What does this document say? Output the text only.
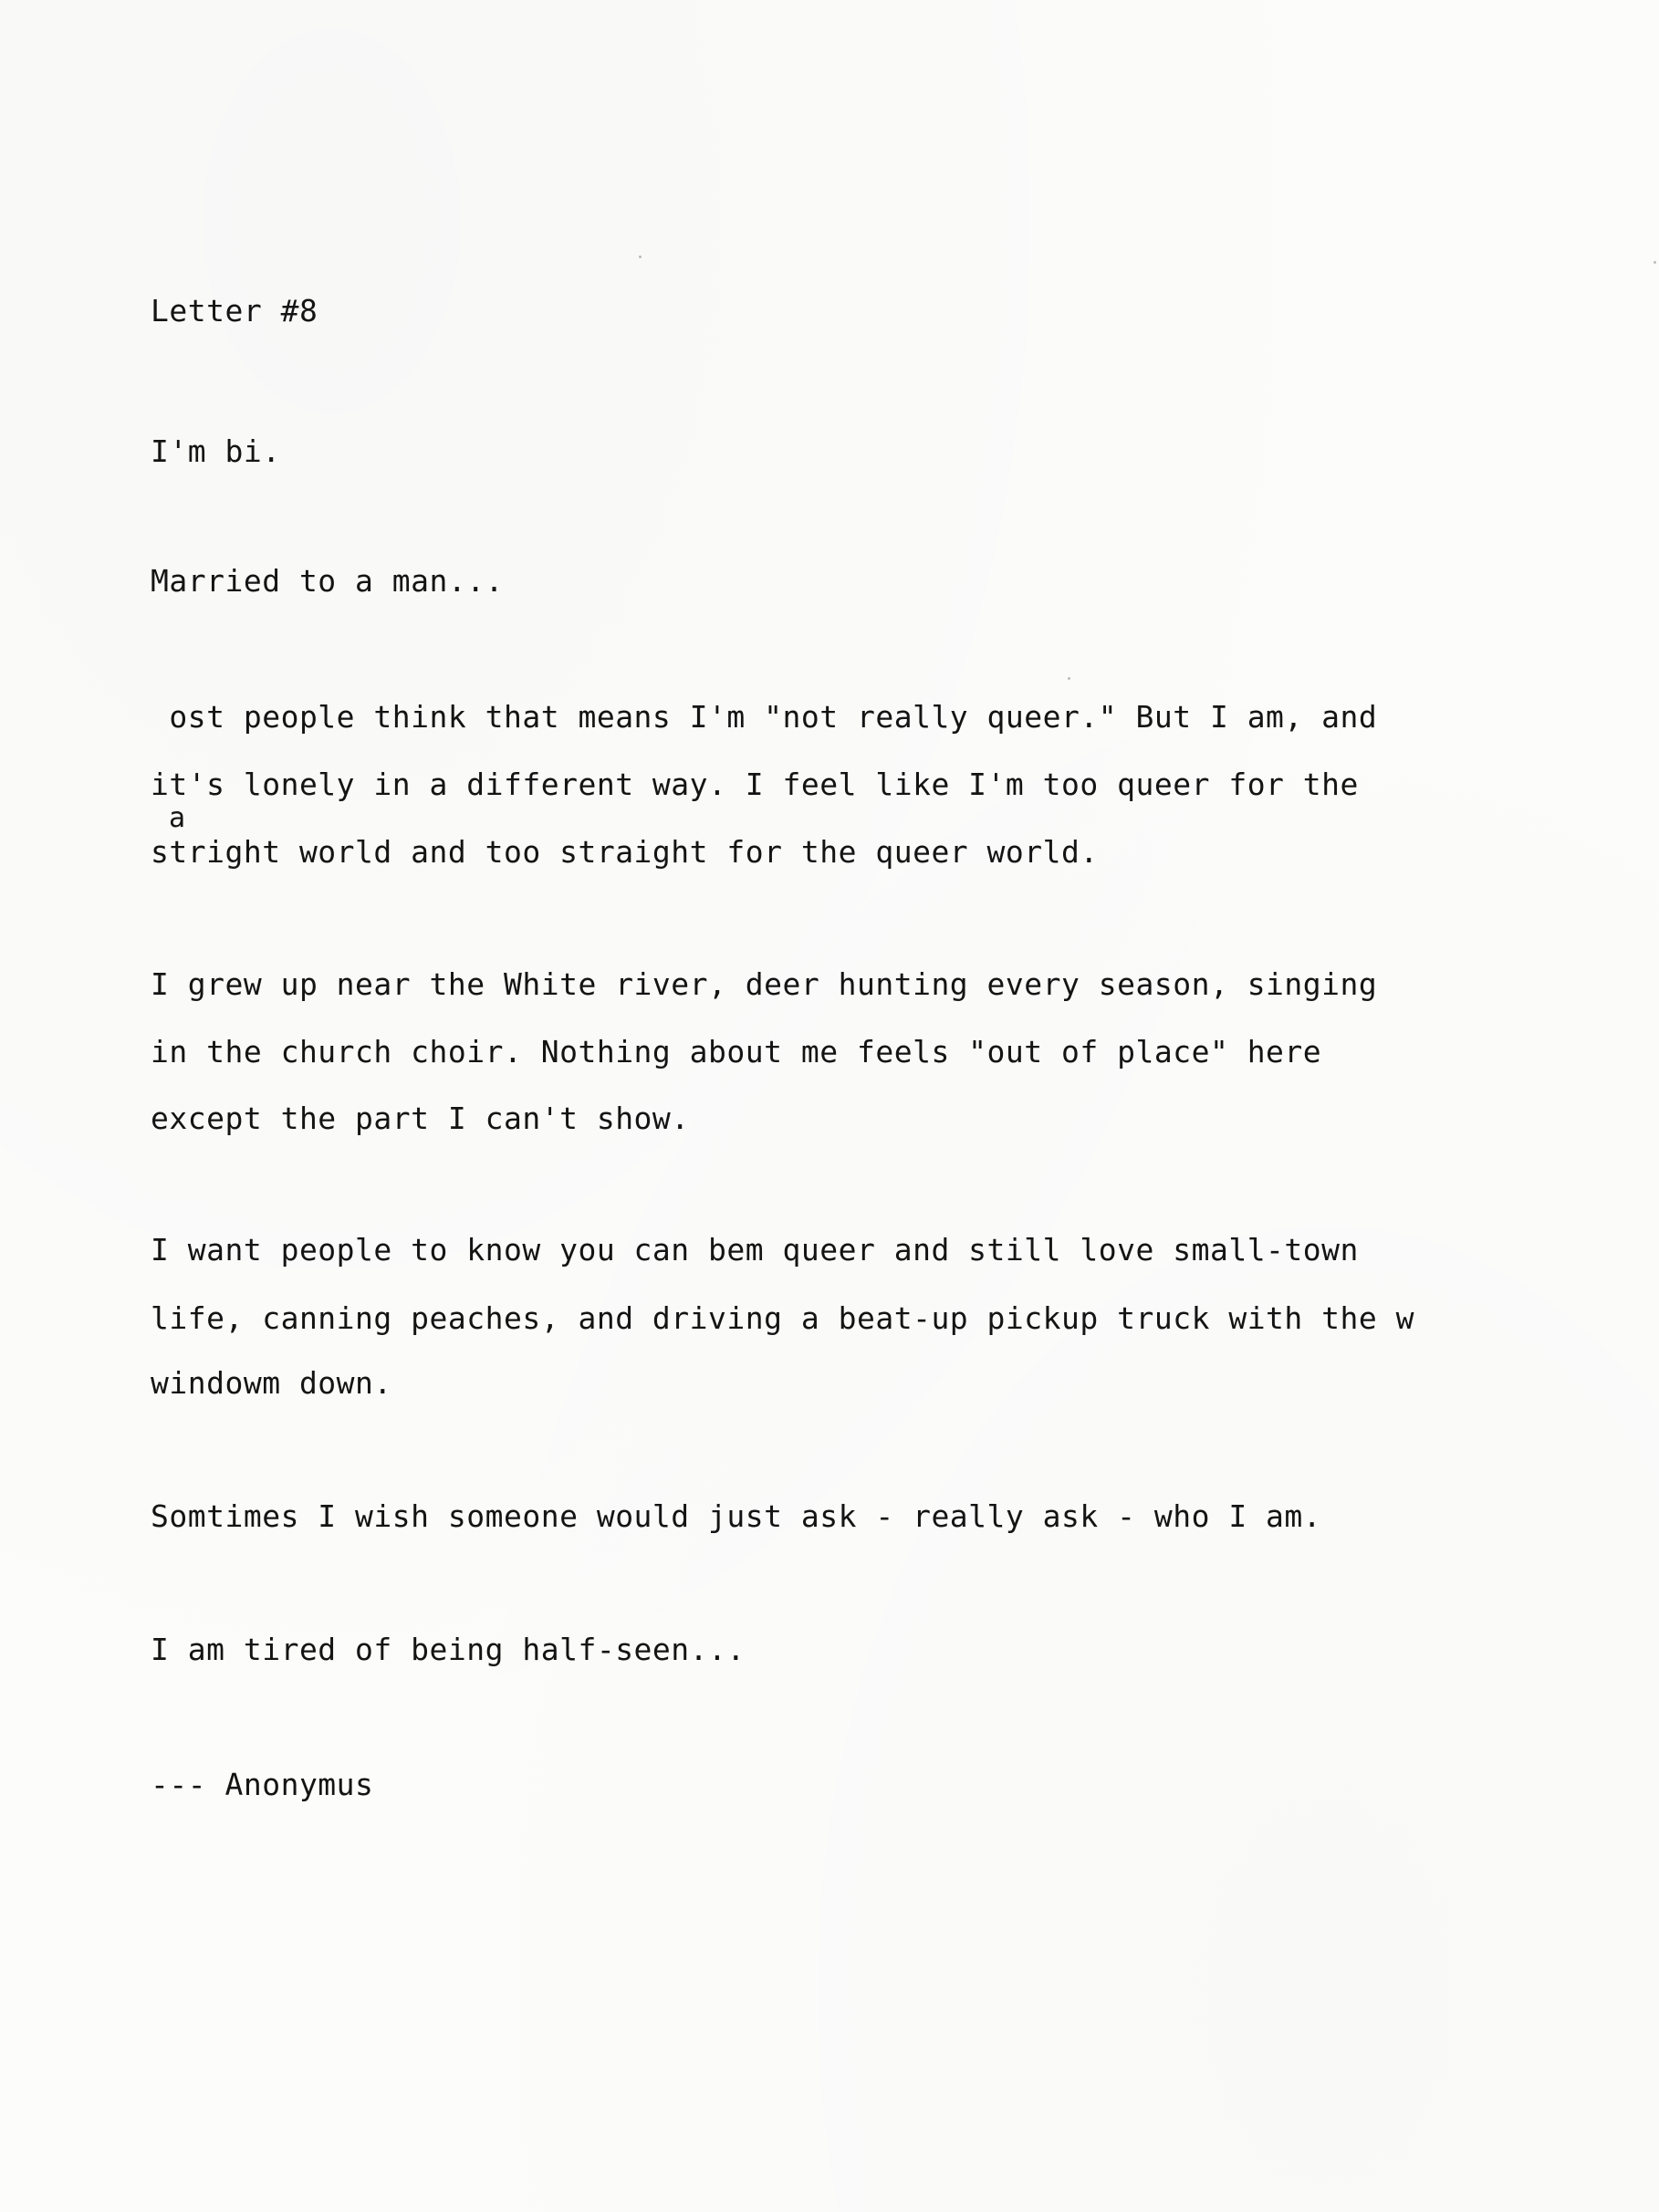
Letter #8

I'm bi.

Married to a man...

ost people think that means I'm "not really queer." But I am, and

it's lonely in a different way. I feel like I'm too queer for the

a

stright world and too straight for the queer world.

I grew up near the White river, deer hunting every season, singing

in the church choir. Nothing about me feels "out of place" here

except the part I can't show.

I want people to know you can bem queer and still love small-town

life, canning peaches, and driving a beat-up pickup truck with the w

windowm down.

Somtimes I wish someone would just ask - really ask - who I am.

I am tired of being half-seen...

--- Anonymus
